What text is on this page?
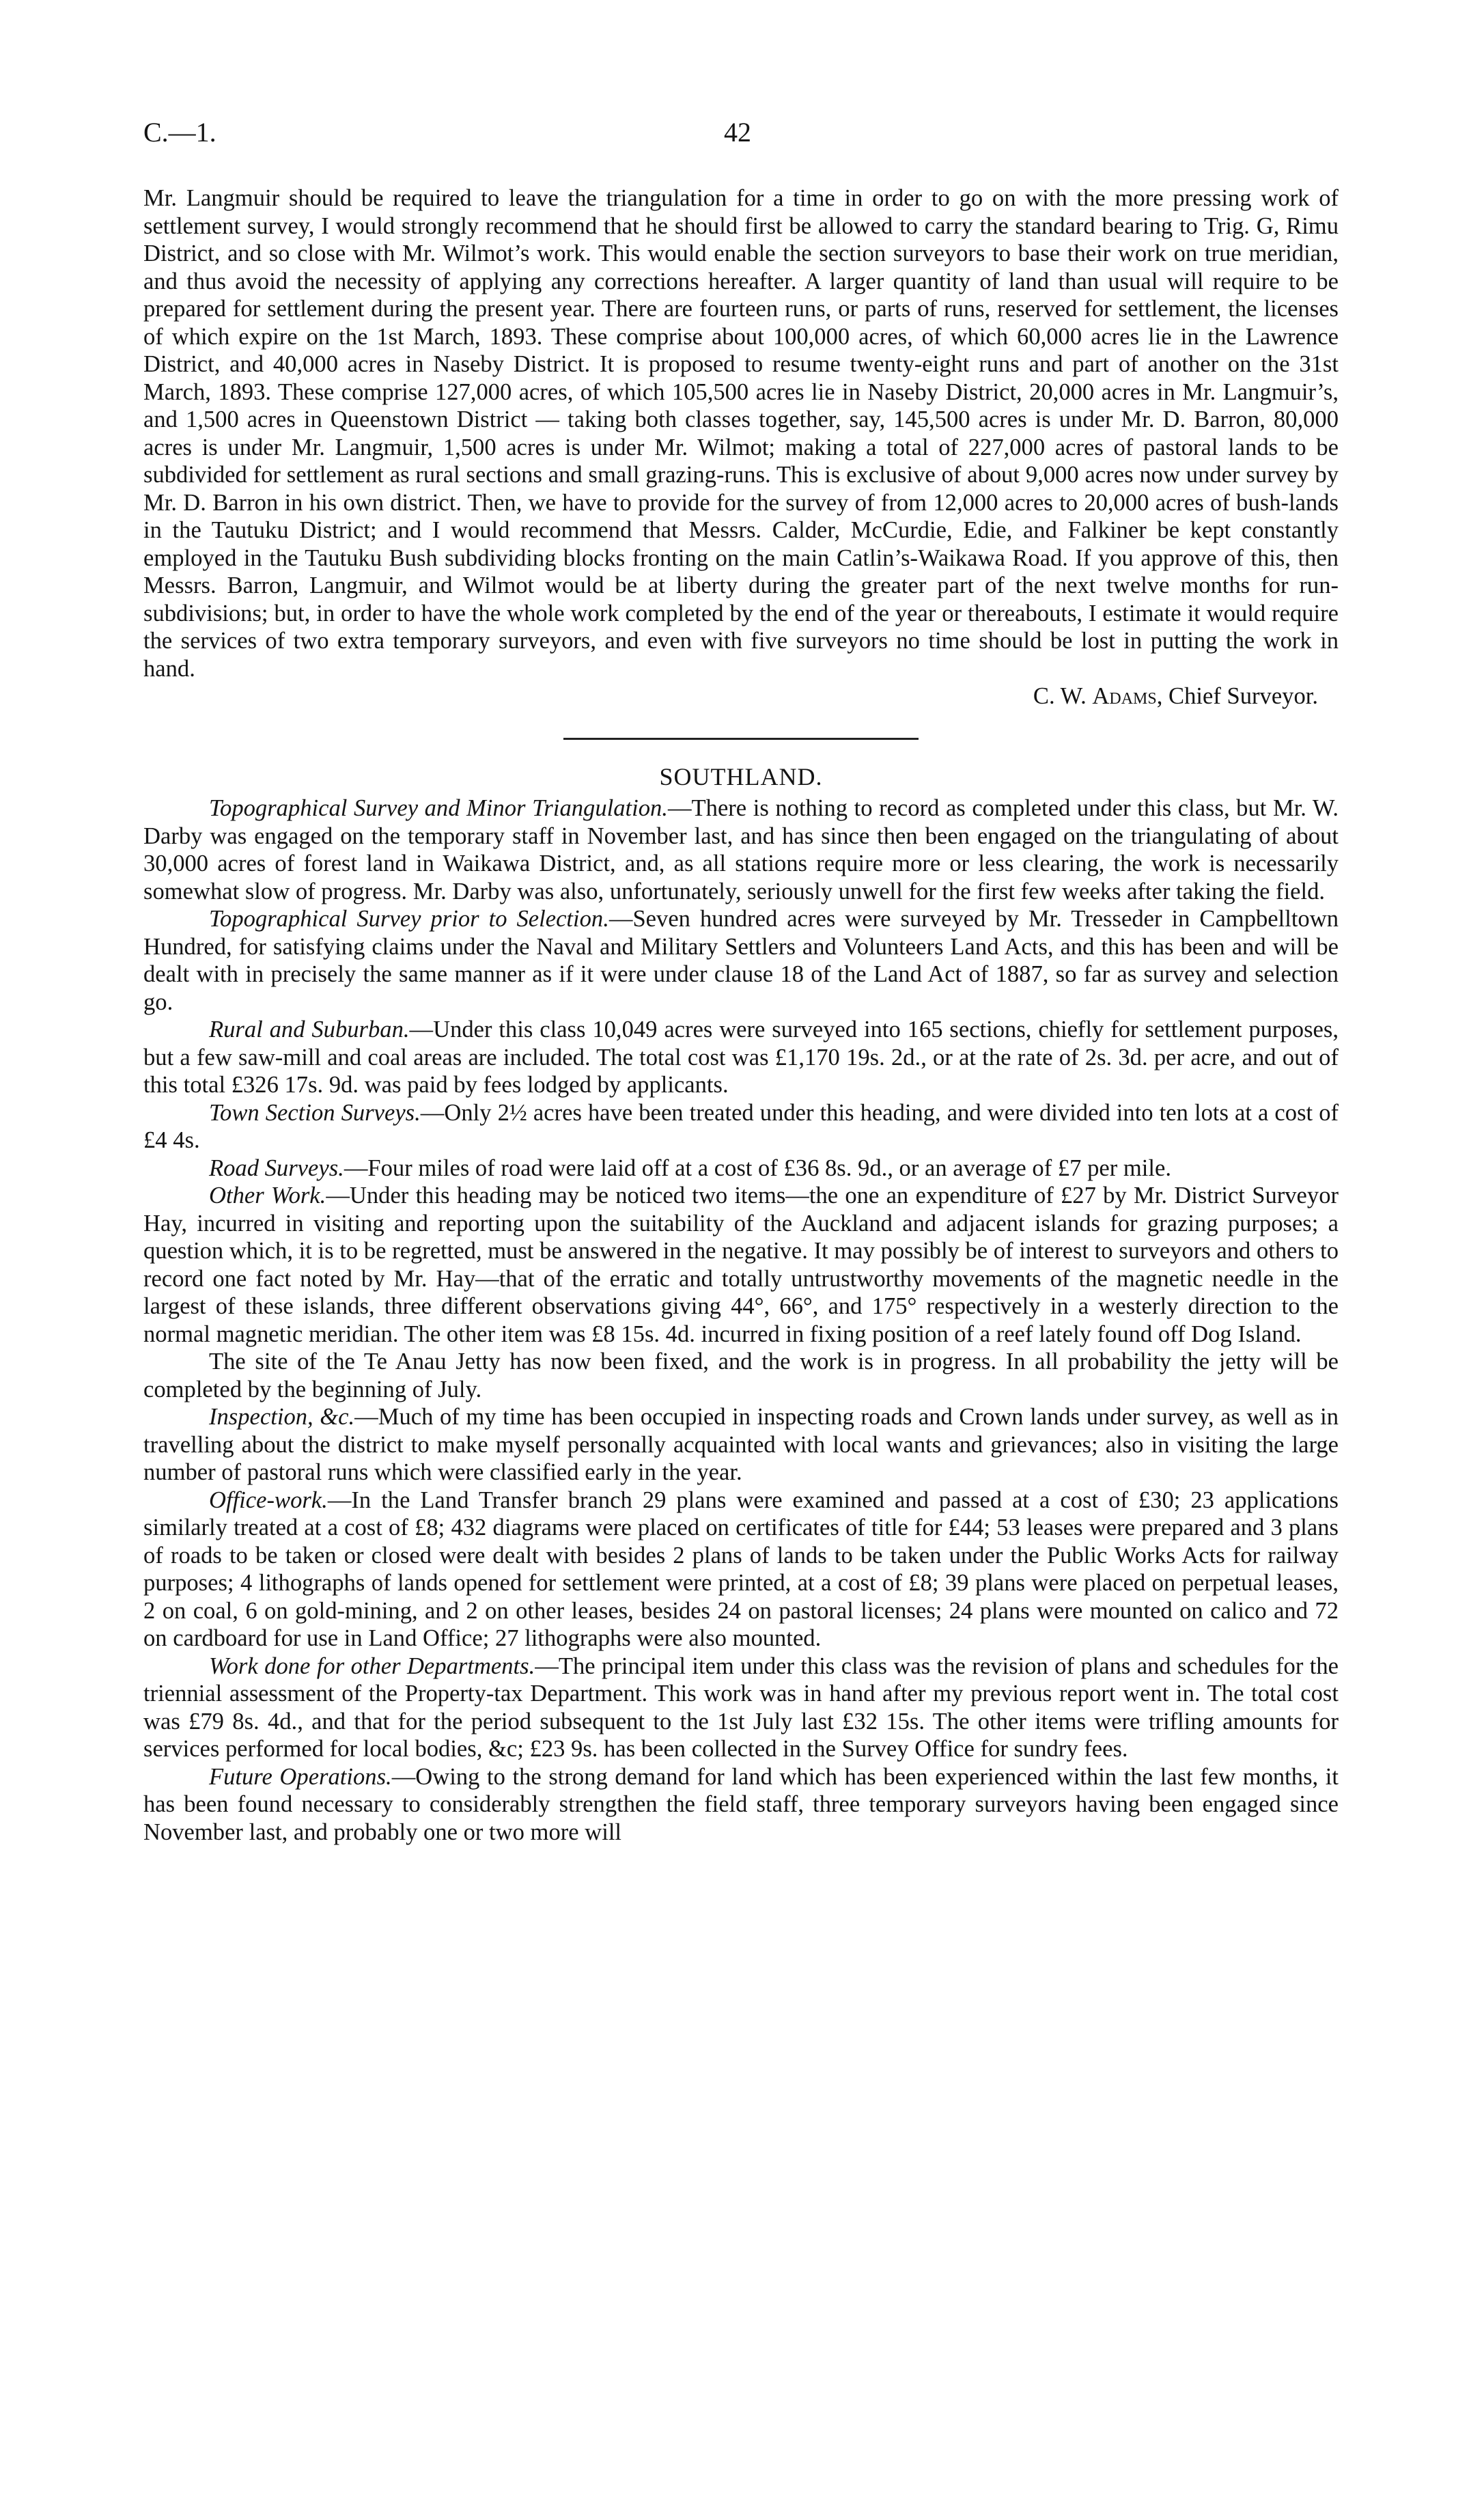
C.—1.	42

Mr. Langmuir should be required to leave the triangulation for a time in order to go on with the more pressing work of settlement survey, I would strongly recommend that he should first be allowed to carry the standard bearing to Trig. G, Rimu District, and so close with Mr. Wilmot’s work. This would enable the section surveyors to base their work on true meridian, and thus avoid the necessity of applying any corrections hereafter. A larger quantity of land than usual will require to be prepared for settlement during the present year. There are fourteen runs, or parts of runs, reserved for settlement, the licenses of which expire on the 1st March, 1893. These comprise about 100,000 acres, of which 60,000 acres lie in the Lawrence District, and 40,000 acres in Naseby District. It is proposed to resume twenty-eight runs and part of another on the 31st March, 1893. These comprise 127,000 acres, of which 105,500 acres lie in Naseby District, 20,000 acres in Mr. Langmuir’s, and 1,500 acres in Queenstown District — taking both classes together, say, 145,500 acres is under Mr. D. Barron, 80,000 acres is under Mr. Langmuir, 1,500 acres is under Mr. Wilmot; making a total of 227,000 acres of pastoral lands to be subdivided for settlement as rural sections and small grazing-runs. This is exclusive of about 9,000 acres now under survey by Mr. D. Barron in his own district. Then, we have to provide for the survey of from 12,000 acres to 20,000 acres of bush-lands in the Tautuku District; and I would recommend that Messrs. Calder, McCurdie, Edie, and Falkiner be kept constantly employed in the Tautuku Bush subdividing blocks fronting on the main Catlin’s-Waikawa Road. If you approve of this, then Messrs. Barron, Langmuir, and Wilmot would be at liberty during the greater part of the next twelve months for run-subdivisions; but, in order to have the whole work completed by the end of the year or thereabouts, I estimate it would require the services of two extra temporary surveyors, and even with five surveyors no time should be lost in putting the work in hand.

C. W. Adams, Chief Surveyor.

SOUTHLAND.

Topographical Survey and Minor Triangulation.—There is nothing to record as completed under this class, but Mr. W. Darby was engaged on the temporary staff in November last, and has since then been engaged on the triangulating of about 30,000 acres of forest land in Waikawa District, and, as all stations require more or less clearing, the work is necessarily somewhat slow of progress. Mr. Darby was also, unfortunately, seriously unwell for the first few weeks after taking the field.

Topographical Survey prior to Selection.—Seven hundred acres were surveyed by Mr. Tresseder in Campbelltown Hundred, for satisfying claims under the Naval and Military Settlers and Volunteers Land Acts, and this has been and will be dealt with in precisely the same manner as if it were under clause 18 of the Land Act of 1887, so far as survey and selection go.

Rural and Suburban.—Under this class 10,049 acres were surveyed into 165 sections, chiefly for settlement purposes, but a few saw-mill and coal areas are included. The total cost was £1,170 19s. 2d., or at the rate of 2s. 3d. per acre, and out of this total £326 17s. 9d. was paid by fees lodged by applicants.

Town Section Surveys.—Only 2½ acres have been treated under this heading, and were divided into ten lots at a cost of £4 4s.

Road Surveys.—Four miles of road were laid off at a cost of £36 8s. 9d., or an average of £7 per mile.

Other Work.—Under this heading may be noticed two items—the one an expenditure of £27 by Mr. District Surveyor Hay, incurred in visiting and reporting upon the suitability of the Auckland and adjacent islands for grazing purposes; a question which, it is to be regretted, must be answered in the negative. It may possibly be of interest to surveyors and others to record one fact noted by Mr. Hay—that of the erratic and totally untrustworthy movements of the magnetic needle in the largest of these islands, three different observations giving 44°, 66°, and 175° respectively in a westerly direction to the normal magnetic meridian. The other item was £8 15s. 4d. incurred in fixing position of a reef lately found off Dog Island.

The site of the Te Anau Jetty has now been fixed, and the work is in progress. In all probability the jetty will be completed by the beginning of July.

Inspection, &c.—Much of my time has been occupied in inspecting roads and Crown lands under survey, as well as in travelling about the district to make myself personally acquainted with local wants and grievances; also in visiting the large number of pastoral runs which were classified early in the year.

Office-work.—In the Land Transfer branch 29 plans were examined and passed at a cost of £30; 23 applications similarly treated at a cost of £8; 432 diagrams were placed on certificates of title for £44; 53 leases were prepared and 3 plans of roads to be taken or closed were dealt with besides 2 plans of lands to be taken under the Public Works Acts for railway purposes; 4 lithographs of lands opened for settlement were printed, at a cost of £8; 39 plans were placed on perpetual leases, 2 on coal, 6 on gold-mining, and 2 on other leases, besides 24 on pastoral licenses; 24 plans were mounted on calico and 72 on cardboard for use in Land Office; 27 lithographs were also mounted.

Work done for other Departments.—The principal item under this class was the revision of plans and schedules for the triennial assessment of the Property-tax Department. This work was in hand after my previous report went in. The total cost was £79 8s. 4d., and that for the period subsequent to the 1st July last £32 15s. The other items were trifling amounts for services performed for local bodies, &c; £23 9s. has been collected in the Survey Office for sundry fees.

Future Operations.—Owing to the strong demand for land which has been experienced within the last few months, it has been found necessary to considerably strengthen the field staff, three temporary surveyors having been engaged since November last, and probably one or two more will
